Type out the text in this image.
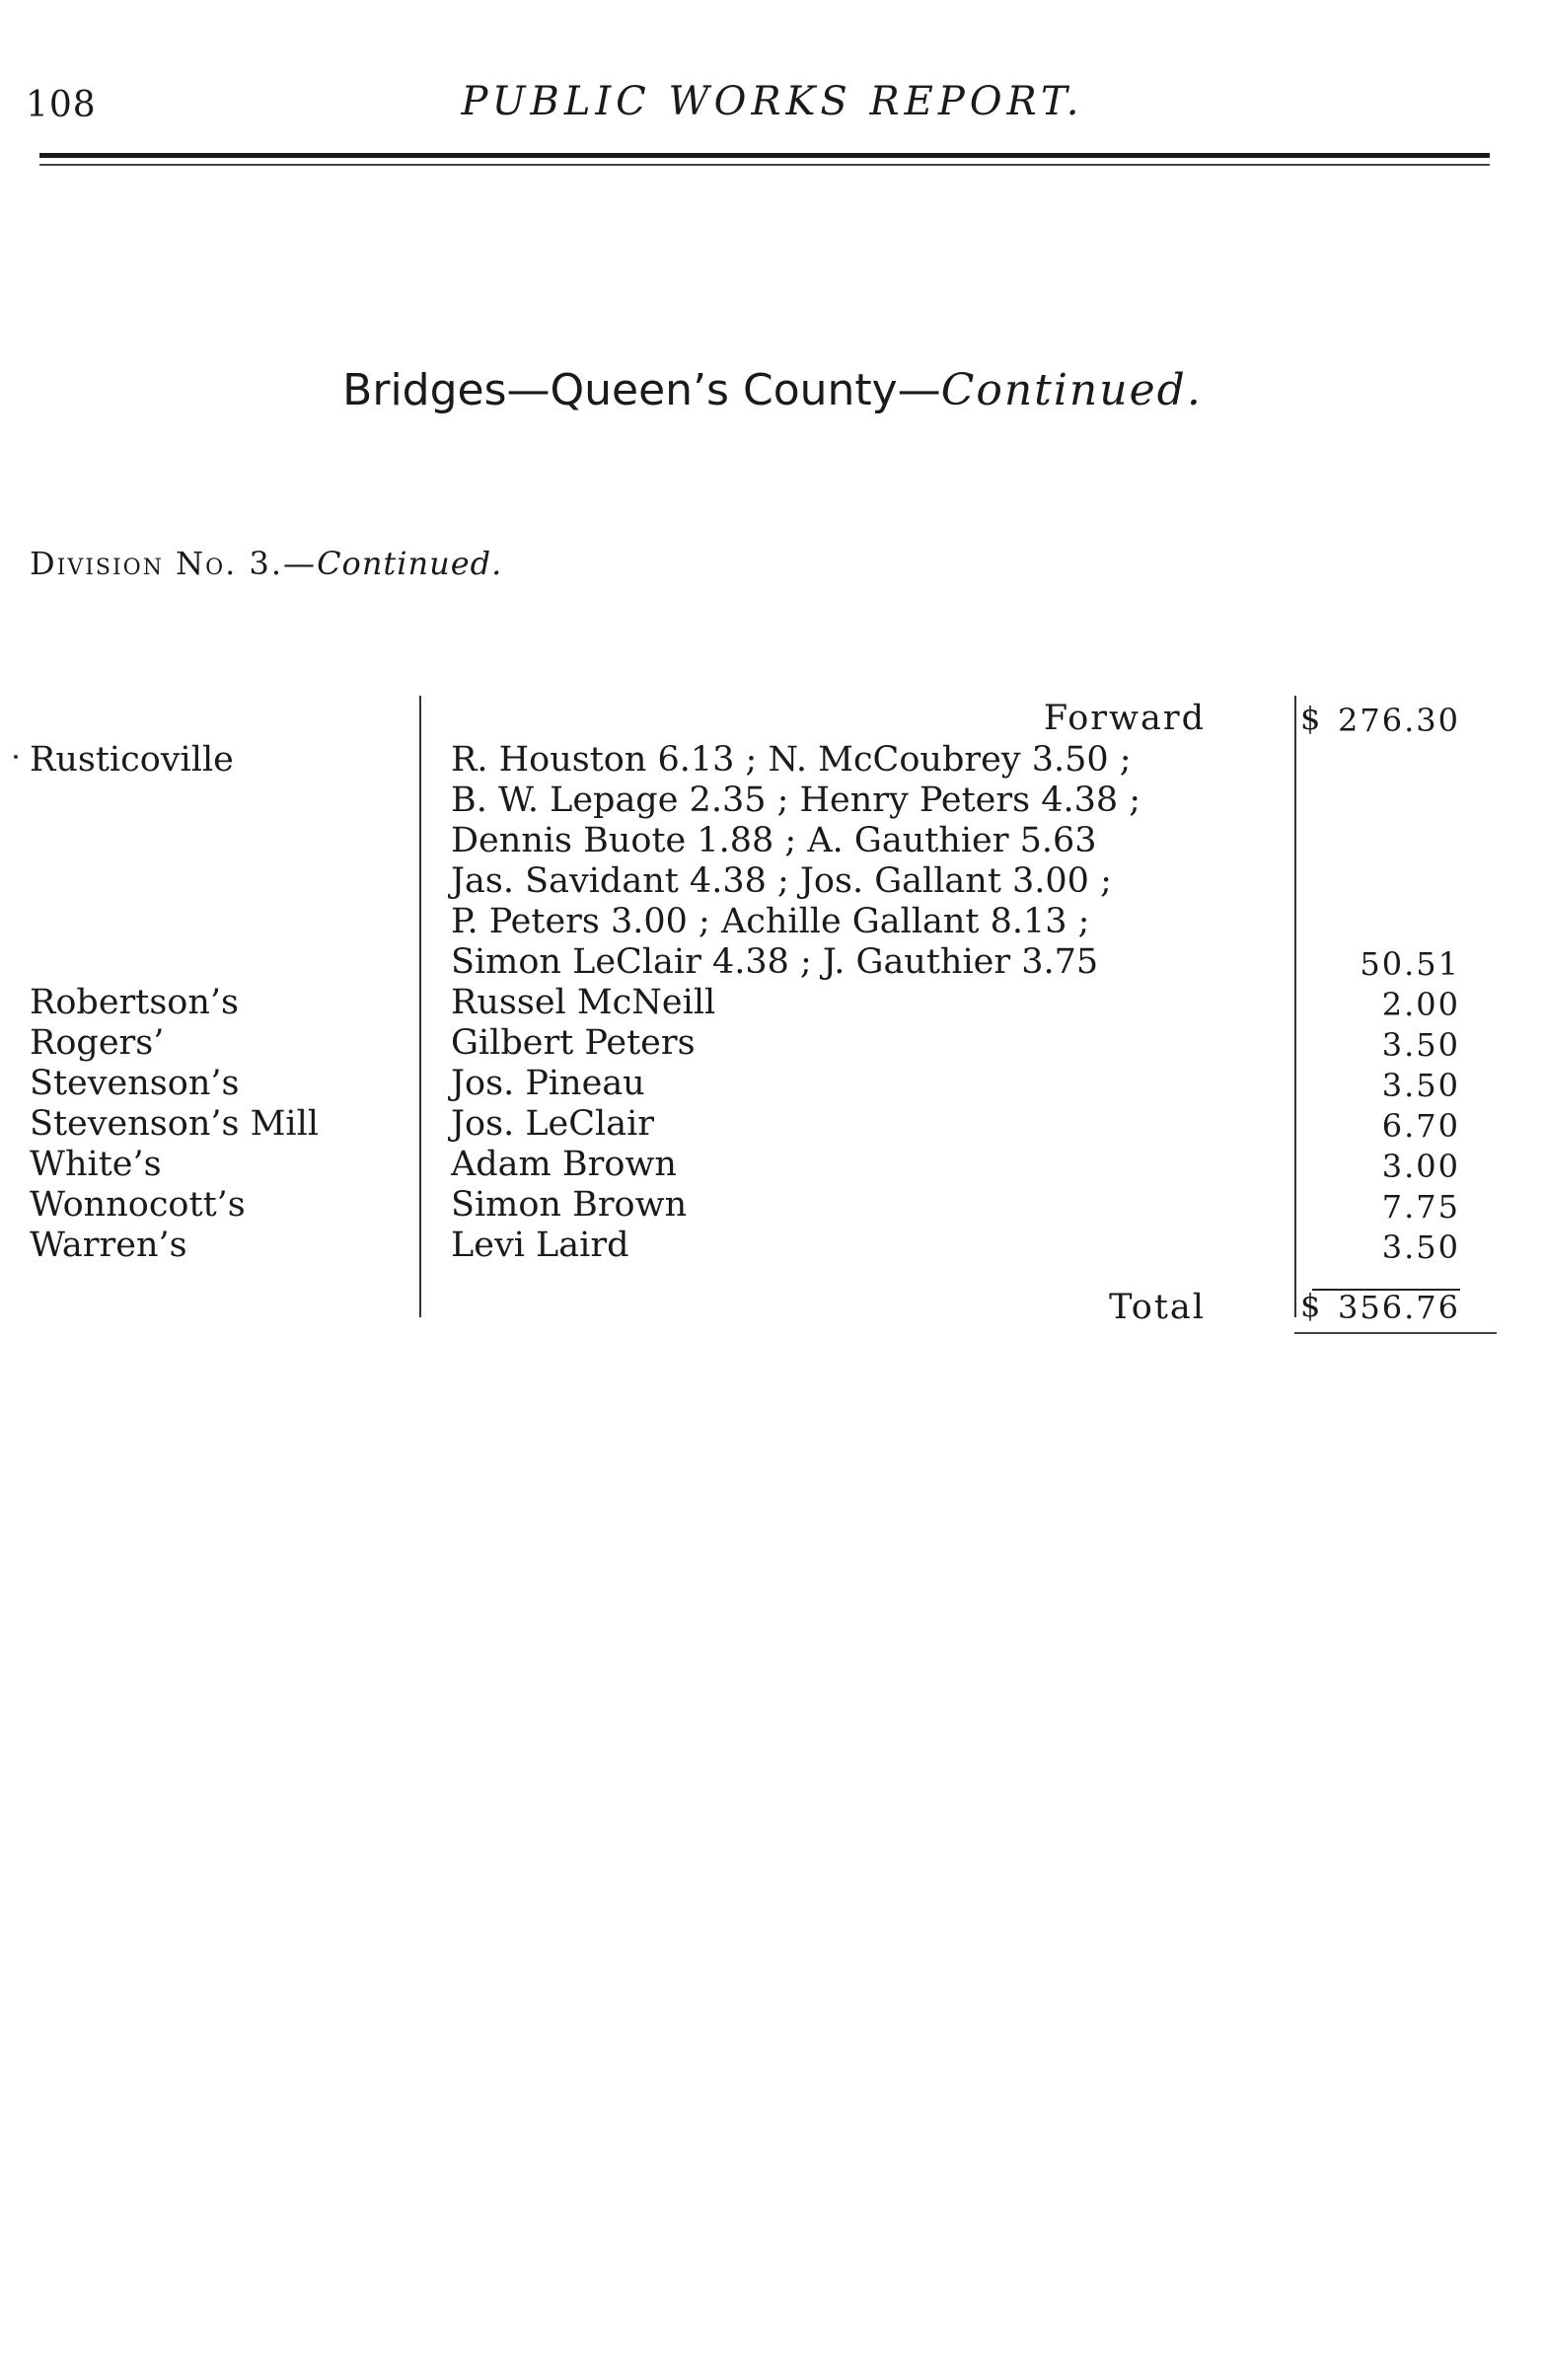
108	PUBLIC WORKS REPORT.
Bridges—Queen’s County—Continued.
Division No. 3.—Continued.
Forward	$ 276.30
Rusticoville	R. Houston 6.13 ; N. McCoubrey 3.50 ;
B. W. Lepage 2.35 ; Henry Peters 4.38 ;
Dennis Buote 1.88 ; A. Gauthier 5.63
Jas. Savidant 4.38 ; Jos. Gallant 3.00 ;
P. Peters 3.00 ; Achille Gallant 8.13 ;
Simon LeClair 4.38 ; J. Gauthier 3.75	50.51
Robertson’s	Russel McNeill	2.00
Rogers’	Gilbert Peters	3.50
Stevenson’s	Jos. Pineau	3.50
Stevenson’s Mill	Jos. LeClair	6.70
White’s	Adam Brown	3.00
Wonnocott’s	Simon Brown	7.75
Warren’s	Levi Laird	3.50
Total	$ 356.76
